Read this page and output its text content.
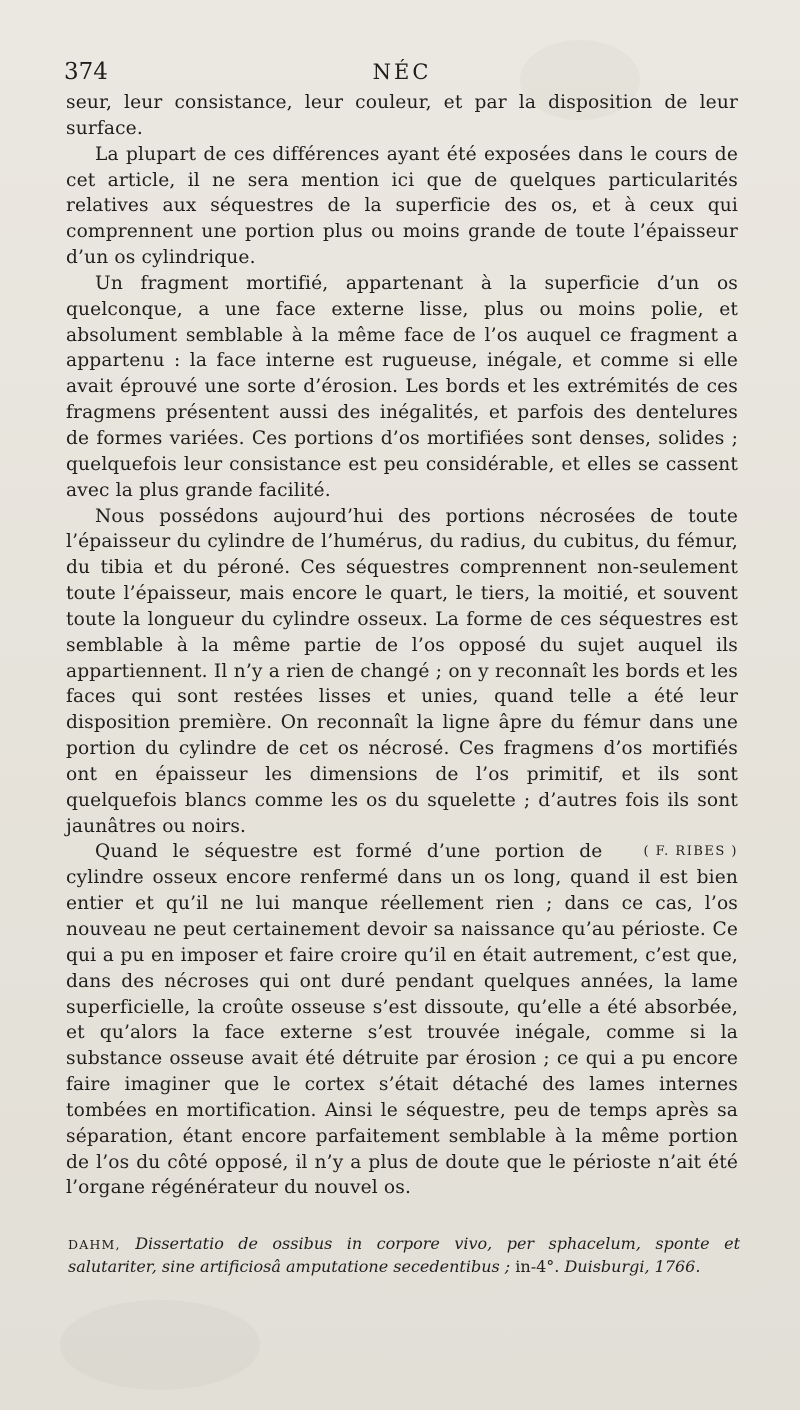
374	NÉC

seur, leur consistance, leur couleur, et par la disposition de leur surface.

La plupart de ces différences ayant été exposées dans le cours de cet article, il ne sera mention ici que de quelques particularités relatives aux séquestres de la superficie des os, et à ceux qui comprennent une portion plus ou moins grande de toute l’épaisseur d’un os cylindrique.

Un fragment mortifié, appartenant à la superficie d’un os quelconque, a une face externe lisse, plus ou moins polie, et absolument semblable à la même face de l’os auquel ce fragment a appartenu : la face interne est rugueuse, inégale, et comme si elle avait éprouvé une sorte d’érosion. Les bords et les extrémités de ces fragmens présentent aussi des inégalités, et parfois des dentelures de formes variées. Ces portions d’os mortifiées sont denses, solides ; quelquefois leur consistance est peu considérable, et elles se cassent avec la plus grande facilité.

Nous possédons aujourd’hui des portions nécrosées de toute l’épaisseur du cylindre de l’humérus, du radius, du cubitus, du fémur, du tibia et du péroné. Ces séquestres comprennent non-seulement toute l’épaisseur, mais encore le quart, le tiers, la moitié, et souvent toute la longueur du cylindre osseux. La forme de ces séquestres est semblable à la même partie de l’os opposé du sujet auquel ils appartiennent. Il n’y a rien de changé ; on y reconnaît les bords et les faces qui sont restées lisses et unies, quand telle a été leur disposition première. On reconnaît la ligne âpre du fémur dans une portion du cylindre de cet os nécrosé. Ces fragmens d’os mortifiés ont en épaisseur les dimensions de l’os primitif, et ils sont quelquefois blancs comme les os du squelette ; d’autres fois ils sont jaunâtres ou noirs.

( F. RIBES )
Quand le séquestre est formé d’une portion de cylindre osseux encore renfermé dans un os long, quand il est bien entier et qu’il ne lui manque réellement rien ; dans ce cas, l’os nouveau ne peut certainement devoir sa naissance qu’au périoste. Ce qui a pu en imposer et faire croire qu’il en était autrement, c’est que, dans des nécroses qui ont duré pendant quelques années, la lame superficielle, la croûte osseuse s’est dissoute, qu’elle a été absorbée, et qu’alors la face externe s’est trouvée inégale, comme si la substance osseuse avait été détruite par érosion ; ce qui a pu encore faire imaginer que le cortex s’était détaché des lames internes tombées en mortification. Ainsi le séquestre, peu de temps après sa séparation, étant encore parfaitement semblable à la même portion de l’os du côté opposé, il n’y a plus de doute que le périoste n’ait été l’organe régénérateur du nouvel os.

DAHM, Dissertatio de ossibus in corpore vivo, per sphacelum, sponte et salutariter, sine artificiosâ amputatione secedentibus ; in-4°. Duisburgi, 1766.
